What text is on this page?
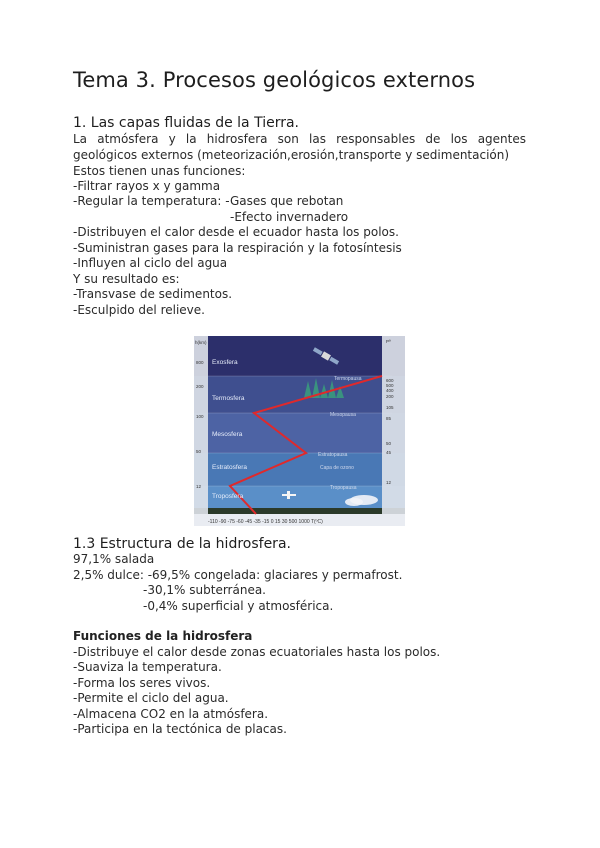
Tema 3. Procesos geológicos externos
1. Las capas fluidas de la Tierra.
La atmósfera y la hidrosfera son las responsables de los agentes
geológicos externos (meteorización,erosión,transporte y sedimentación)
Estos tienen unas funciones:
-Filtrar rayos x y gamma
-Regular la temperatura: -Gases que rebotan
-Efecto invernadero
-Distribuyen el calor desde el ecuador hasta los polos.
-Suministran gases para la respiración y la fotosíntesis
-Influyen al ciclo del agua
Y su resultado es:
-Transvase de sedimentos.
-Esculpido del relieve.
Exosfera
Termosfera
Mesosfera
Estratosfera
Troposfera
Termopausa
Mesopausa
Estratopausa
Capa de ozono
Tropopausa
h(km)
800
200
100
50
12
Pª
600
500
400
200
105
85
50
45
12
-110 -90 -75 -60 -45 -35 -15 0 15 30 500 1000 T(ºC)
1.3 Estructura de la hidrosfera.
97,1% salada
2,5% dulce: -69,5% congelada: glaciares y permafrost.
-30,1% subterránea.
-0,4% superficial y atmosférica.
Funciones de la hidrosfera
-Distribuye el calor desde zonas ecuatoriales hasta los polos.
-Suaviza la temperatura.
-Forma los seres vivos.
-Permite el ciclo del agua.
-Almacena CO2 en la atmósfera.
-Participa en la tectónica de placas.
